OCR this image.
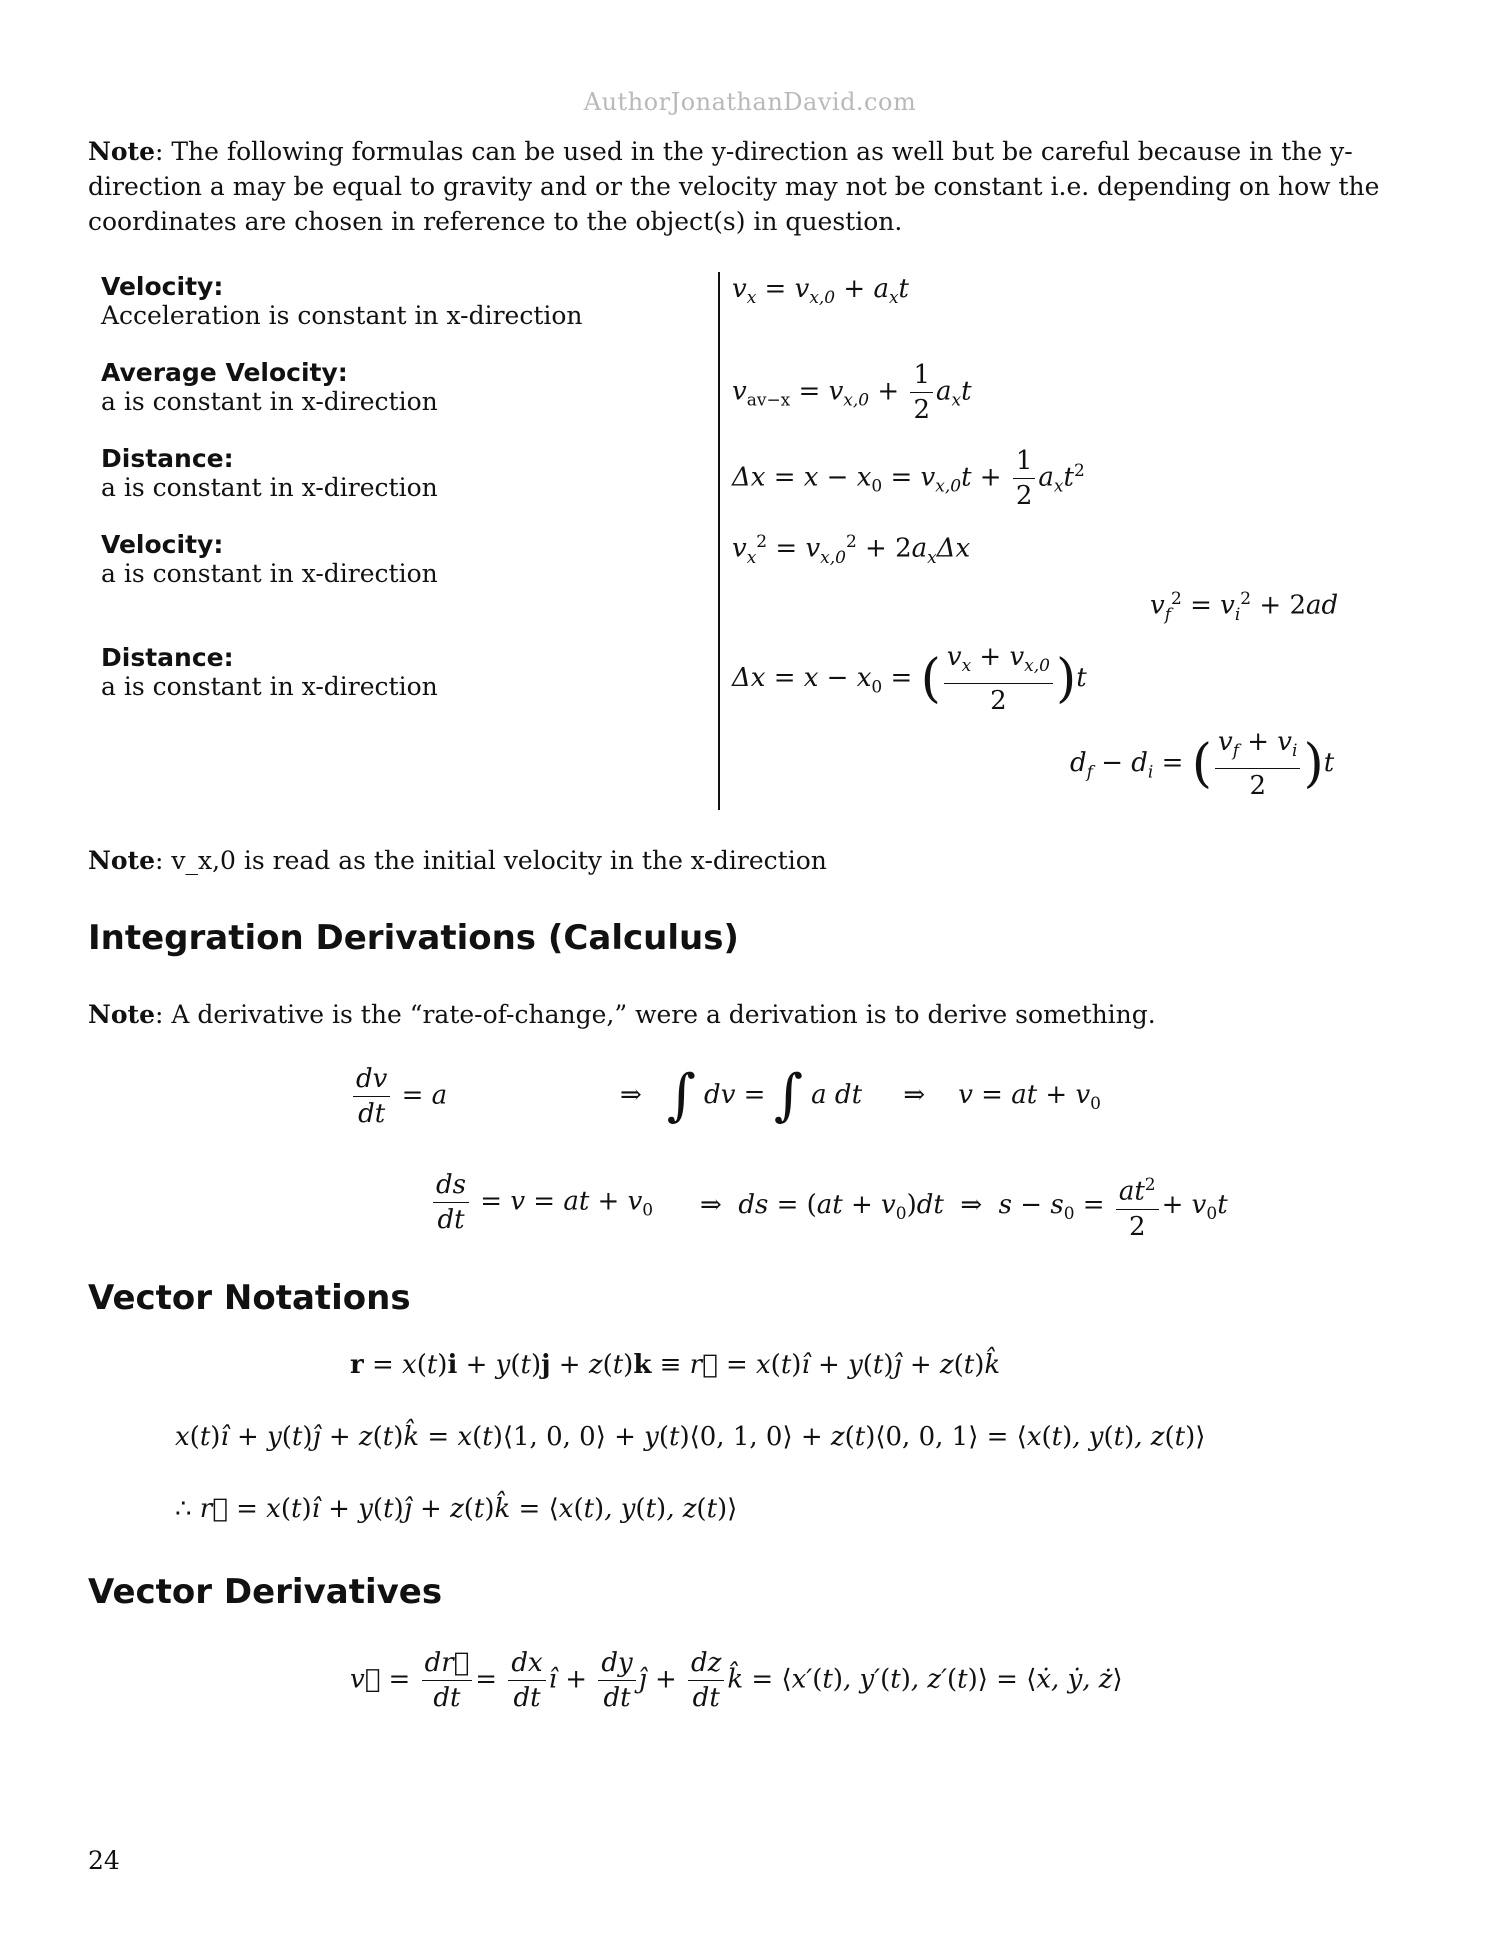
AuthorJonathanDavid.com
Note: The following formulas can be used in the y-direction as well but be careful because in the y-direction a may be equal to gravity and or the velocity may not be constant i.e. depending on how the coordinates are chosen in reference to the object(s) in question.
Velocity:
Acceleration is constant in x-direction
Average Velocity:
a is constant in x-direction
Distance:
a is constant in x-direction
Velocity:
a is constant in x-direction
Distance:
a is constant in x-direction
$v_x = v_{x,0} + a_xt$
$v_{av-x} = v_{x,0} + \frac{1}{2} a_xt$
$\Delta x = x - x_0 = v_{x,0}t + \frac{1}{2} a_xt^2$
$v_x^2 = v_{x,0}^2 + 2a_x\Delta x$
$v_f^2 = v_i^2 + 2ad$
$\Delta x = x - x_0$ = ( $\frac{v_x + v_{x,0}}{2} )t$
$d_f - d_i$ = ( $\frac{v_f + v_i}{2} )t$
Note: v_x,0 is read as the initial velocity in the x-direction
Integration Derivations (Calculus)
Note: A derivative is the “rate-of-change,” were a derivation is to derive something.
$\frac{dv}{dt} = a$	⇒ ∫ dv = ∫ a dt     ⇒    v = at + $v_0$
$\frac{ds}{dt} = v$ = at + $v_0$ ⇒  ds = $(at + v_0)dt$  ⇒  $s - s_0 = \frac{at^2}{2} + v_0t$
Vector Notations
r = x(t)i + y(t)j + z(t)k ≡ r⃗ = x(t)ı̂ + y(t)ȷ̂ + z(t)k̂
x(t)ı̂ + y(t)ȷ̂ + z(t)k̂ = x(t)⟨1, 0, 0⟩ + y(t)⟨0, 1, 0⟩ + z(t)⟨0, 0, 1⟩ = ⟨x(t), y(t), z(t)⟩
∴ r⃗ = x(t)ı̂ + y(t)ȷ̂ + z(t)k̂ = ⟨x(t), y(t), z(t)⟩
Vector Derivatives
v⃗ = $\frac{dr⃗}{dt} = \frac{dx}{dt}$ ı̂ + $\frac{dy}{dt}$ ȷ̂ + $\frac{dz}{dt}$ k̂ = ⟨x′(t), y′(t), z′(t)⟩ = ⟨ẋ, ẏ, ż⟩
24
